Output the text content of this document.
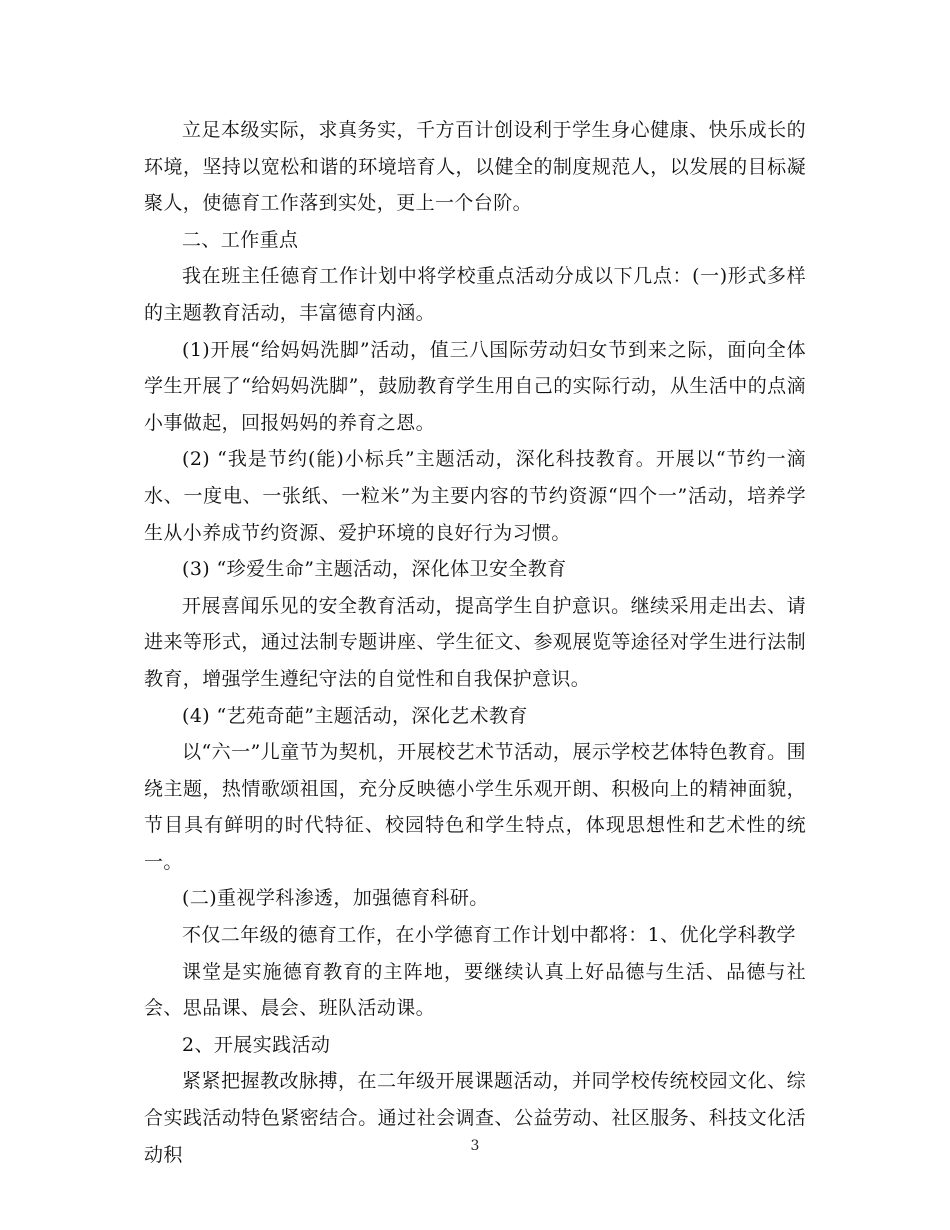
立足本级实际，求真务实，千方百计创设利于学生身心健康、快乐成长的环境，坚持以宽松和谐的环境培育人，以健全的制度规范人，以发展的目标凝聚人，使德育工作落到实处，更上一个台阶。

二、工作重点

我在班主任德育工作计划中将学校重点活动分成以下几点：(一)形式多样的主题教育活动，丰富德育内涵。

(1)开展“给妈妈洗脚”活动，值三八国际劳动妇女节到来之际，面向全体学生开展了“给妈妈洗脚”，鼓励教育学生用自己的实际行动，从生活中的点滴小事做起，回报妈妈的养育之恩。

(2) “我是节约(能)小标兵”主题活动，深化科技教育。开展以“节约一滴水、一度电、一张纸、一粒米”为主要内容的节约资源“四个一”活动，培养学生从小养成节约资源、爱护环境的良好行为习惯。

(3) “珍爱生命”主题活动，深化体卫安全教育

开展喜闻乐见的安全教育活动，提高学生自护意识。继续采用走出去、请进来等形式，通过法制专题讲座、学生征文、参观展览等途径对学生进行法制教育，增强学生遵纪守法的自觉性和自我保护意识。

(4) “艺苑奇葩”主题活动，深化艺术教育

以“六一”儿童节为契机，开展校艺术节活动，展示学校艺体特色教育。围绕主题，热情歌颂祖国，充分反映德小学生乐观开朗、积极向上的精神面貌，节目具有鲜明的时代特征、校园特色和学生特点，体现思想性和艺术性的统一。

(二)重视学科渗透，加强德育科研。

不仅二年级的德育工作，在小学德育工作计划中都将：1、优化学科教学

课堂是实施德育教育的主阵地，要继续认真上好品德与生活、品德与社会、思品课、晨会、班队活动课。

2、开展实践活动

紧紧把握教改脉搏，在二年级开展课题活动，并同学校传统校园文化、综合实践活动特色紧密结合。通过社会调查、公益劳动、社区服务、科技文化活动积	3
